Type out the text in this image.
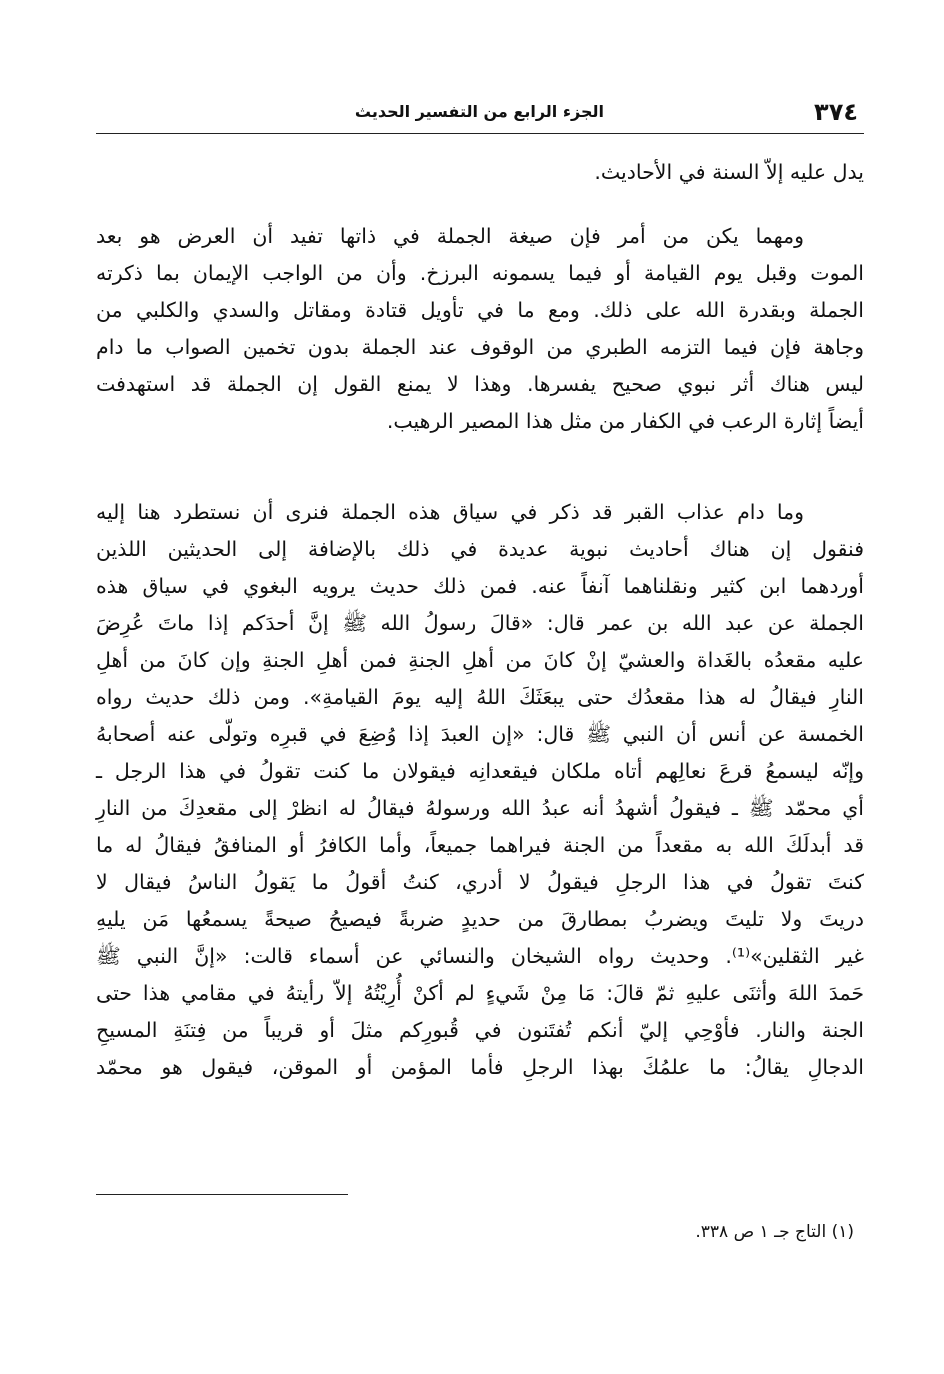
٣٧٤
الجزء الرابع من التفسير الحديث
يدل عليه إلاّ السنة في الأحاديث.
ومهما يكن من أمر فإن صيغة الجملة في ذاتها تفيد أن العرض هو بعد
الموت وقبل يوم القيامة أو فيما يسمونه البرزخ. وأن من الواجب الإيمان بما ذكرته
الجملة وبقدرة الله على ذلك. ومع ما في تأويل قتادة ومقاتل والسدي والكلبي من
وجاهة فإن فيما التزمه الطبري من الوقوف عند الجملة بدون تخمين الصواب ما دام
ليس هناك أثر نبوي صحيح يفسرها. وهذا لا يمنع القول إن الجملة قد استهدفت
أيضاً إثارة الرعب في الكفار من مثل هذا المصير الرهيب.
وما دام عذاب القبر قد ذكر في سياق هذه الجملة فنرى أن نستطرد هنا إليه
فنقول إن هناك أحاديث نبوية عديدة في ذلك بالإضافة إلى الحديثين اللذين
أوردهما ابن كثير ونقلناهما آنفاً عنه. فمن ذلك حديث يرويه البغوي في سياق هذه
الجملة عن عبد الله بن عمر قال: «قالَ رسولُ الله ﷺ إنَّ أحدَكم إذا ماتَ عُرِضَ
عليه مقعدُه بالغَداة والعشيّ إنْ كانَ من أهلِ الجنةِ فمن أهلِ الجنةِ وإن كانَ من أهلِ
النارِ فيقالُ له هذا مقعدُك حتى يبعَثَكَ اللهُ إليه يومَ القيامةِ». ومن ذلك حديث رواه
الخمسة عن أنس أن النبي ﷺ قال: «إن العبدَ إذا وُضِعَ في قبرِه وتولّى عنه أصحابهُ
وإنّه ليسمعُ قرعَ نعالِهم أتاه ملكان فيقعدانِه فيقولان ما كنت تقولُ في هذا الرجل ـ
أي محمّد ﷺ ـ فيقولُ أشهدُ أنه عبدُ الله ورسولهُ فيقالُ له انظرْ إلى مقعدِكَ من النارِ
قد أبدلَكَ الله به مقعداً من الجنة فيراهما جميعاً، وأما الكافرُ أو المنافقُ فيقالُ له ما
كنتَ تقولُ في هذا الرجلِ فيقولُ لا أدري، كنتُ أقولُ ما يَقولُ الناسُ فيقال لا
دريتَ ولا تليتَ ويضربُ بمطارقَ من حديدٍ ضربةً فيصيحُ صيحةً يسمعُها مَن يليهِ
غير الثقلين»⁽¹⁾. وحديث رواه الشيخان والنسائي عن أسماء قالت: «إنَّ النبي ﷺ
حَمدَ اللهَ وأثنَى عليهِ ثمّ قالَ: مَا مِنْ شَيءٍ لم أكنْ أُرِيْتُهُ إلاّ رأيتهُ في مقامي هذا حتى
الجنة والنار. فأوْحِي إليّ أنكم تُفتَنون في قُبورِكم مثلَ أو قريباً من فِتنَةِ المسيحِ
الدجالِ يقالُ: ما علمُكَ بهذا الرجلِ فأما المؤمن أو الموقن، فيقول هو محمّد
(١) التاج جـ ١ ص ٣٣٨.
